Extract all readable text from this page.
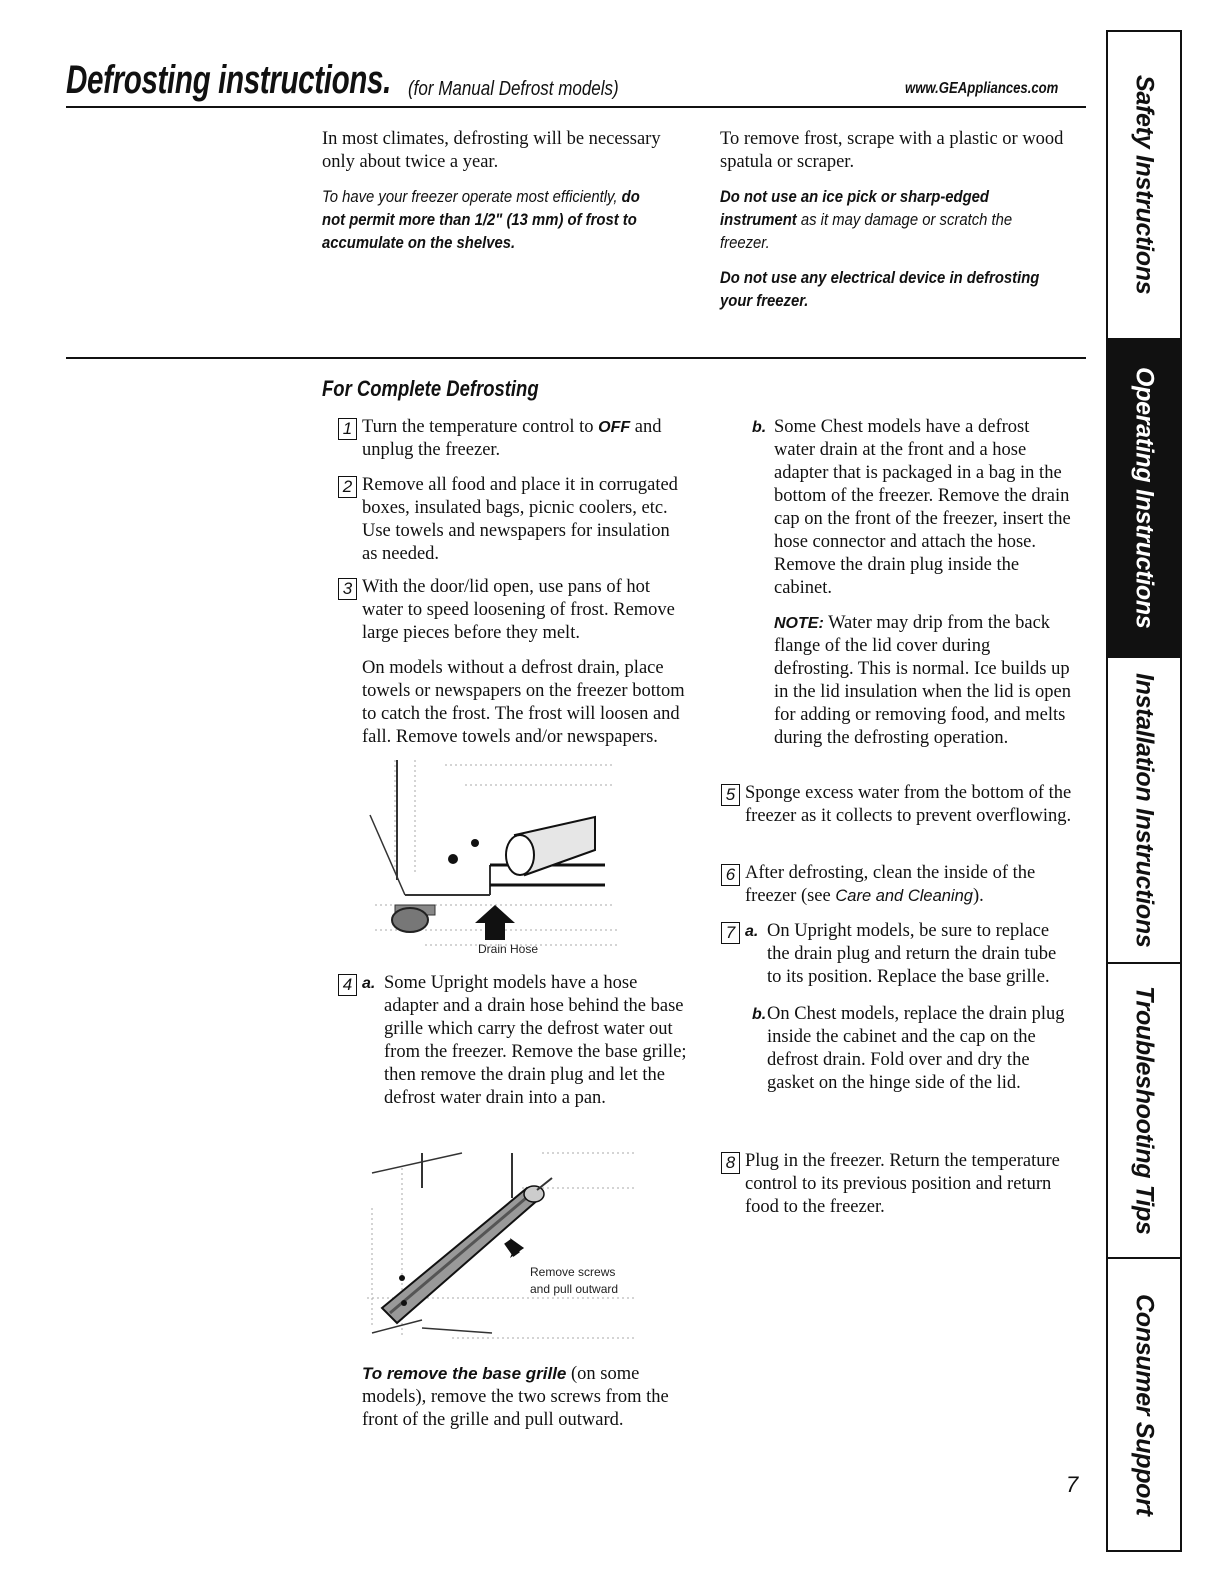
Defrosting instructions. (for Manual Defrost models)	www.GEAppliances.com

In most climates, defrosting will be necessary only about twice a year.

To have your freezer operate most efficiently, do not permit more than 1/2" (13 mm) of frost to accumulate on the shelves.

To remove frost, scrape with a plastic or wood spatula or scraper.

Do not use an ice pick or sharp-edged instrument as it may damage or scratch the freezer.
Do not use any electrical device in defrosting your freezer.
For Complete Defrosting
1 Turn the temperature control to OFF and unplug the freezer.
2 Remove all food and place it in corrugated boxes, insulated bags, picnic coolers, etc. Use towels and newspapers for insulation as needed.
3 With the door/lid open, use pans of hot water to speed loosening of frost. Remove large pieces before they melt.
On models without a defrost drain, place towels or newspapers on the freezer bottom to catch the frost. The frost will loosen and fall. Remove towels and/or newspapers.
Drain Hose
4 a. Some Upright models have a hose adapter and a drain hose behind the base grille which carry the defrost water out from the freezer. Remove the base grille; then remove the drain plug and let the defrost water drain into a pan.
Remove screws
and pull outward
To remove the base grille (on some models), remove the two screws from the front of the grille and pull outward.
b. Some Chest models have a defrost water drain at the front and a hose adapter that is packaged in a bag in the bottom of the freezer. Remove the drain cap on the front of the freezer, insert the hose connector and attach the hose. Remove the drain plug inside the cabinet.
NOTE: Water may drip from the back flange of the lid cover during defrosting. This is normal. Ice builds up in the lid insulation when the lid is open for adding or removing food, and melts during the defrosting operation.
5 Sponge excess water from the bottom of the freezer as it collects to prevent overflowing.
6 After defrosting, clean the inside of the freezer (see Care and Cleaning).
7 a. On Upright models, be sure to replace the drain plug and return the drain tube to its position. Replace the base grille.
b. On Chest models, replace the drain plug inside the cabinet and the cap on the defrost drain. Fold over and dry the gasket on the hinge side of the lid.
8 Plug in the freezer. Return the temperature control to its previous position and return food to the freezer.
7
Safety Instructions
Operating Instructions
Installation Instructions
Troubleshooting Tips
Consumer Support
